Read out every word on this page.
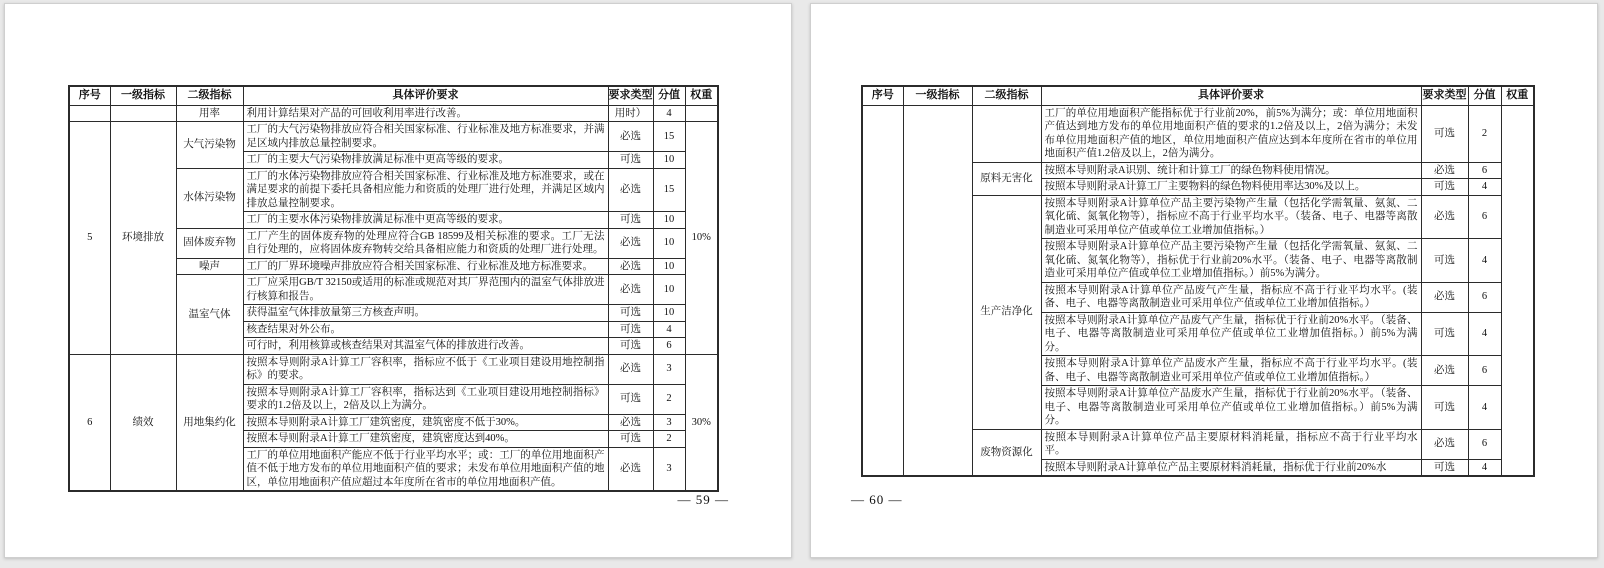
序号	一级指标	二级指标	具体评价要求	要求类型	分值	权重
		用率	利用计算结果对产品的可回收利用率进行改善。	用时）	4	
5	环境排放	大气污染物	工厂的大气污染物排放应符合相关国家标准、行业标准及地方标准要求，并满足区域内排放总量控制要求。	必选	15	10%
			工厂的主要大气污染物排放满足标准中更高等级的要求。	可选	10	
		水体污染物	工厂的水体污染物排放应符合相关国家标准、行业标准及地方标准要求，或在满足要求的前提下委托具备相应能力和资质的处理厂进行处理，并满足区域内排放总量控制要求。	必选	15	
			工厂的主要水体污染物排放满足标准中更高等级的要求。	可选	10	
		固体废弃物	工厂产生的固体废弃物的处理应符合GB 18599及相关标准的要求。工厂无法自行处理的，应将固体废弃物转交给具备相应能力和资质的处理厂进行处理。	必选	10	
		噪声	工厂的厂界环境噪声排放应符合相关国家标准、行业标准及地方标准要求。	必选	10	
		温室气体	工厂应采用GB/T 32150或适用的标准或规范对其厂界范围内的温室气体排放进行核算和报告。	必选	10	
			获得温室气体排放量第三方核查声明。	可选	10	
			核查结果对外公布。	可选	4	
			可行时，利用核算或核查结果对其温室气体的排放进行改善。	可选	6	
6	绩效	用地集约化	按照本导则附录A计算工厂容积率，指标应不低于《工业项目建设用地控制指标》的要求。	必选	3	30%
			按照本导则附录A计算工厂容积率，指标达到《工业项目建设用地控制指标》要求的1.2倍及以上，2倍及以上为满分。	可选	2	
			按照本导则附录A计算工厂建筑密度，建筑密度不低于30%。	必选	3	
			按照本导则附录A计算工厂建筑密度，建筑密度达到40%。	可选	2	
			工厂的单位用地面积产能应不低于行业平均水平；或：工厂的单位用地面积产值不低于地方发布的单位用地面积产值的要求；未发布单位用地面积产值的地区，单位用地面积产值应超过本年度所在省市的单位用地面积产值。	必选	3	
— 59 —
序号	一级指标	二级指标	具体评价要求	要求类型	分值	权重
			工厂的单位用地面积产能指标优于行业前20%，前5%为满分；或：单位用地面积产值达到地方发布的单位用地面积产值的要求的1.2倍及以上，2倍为满分；未发布单位用地面积产值的地区，单位用地面积产值应达到本年度所在省市的单位用地面积产值1.2倍及以上，2倍为满分。	可选	2	
		原料无害化	按照本导则附录A识别、统计和计算工厂的绿色物料使用情况。	必选	6	
			按照本导则附录A计算工厂主要物料的绿色物料使用率达30%及以上。	可选	4	
		生产洁净化	按照本导则附录A计算单位产品主要污染物产生量（包括化学需氧量、氨氮、二氧化硫、氮氧化物等），指标应不高于行业平均水平。（装备、电子、电器等离散制造业可采用单位产值或单位工业增加值指标。）	必选	6	
			按照本导则附录A计算单位产品主要污染物产生量（包括化学需氧量、氨氮、二氧化硫、氮氧化物等），指标优于行业前20%水平。（装备、电子、电器等离散制造业可采用单位产值或单位工业增加值指标。）前5%为满分。	可选	4	
			按照本导则附录A计算单位产品废气产生量，指标应不高于行业平均水平。(装备、电子、电器等离散制造业可采用单位产值或单位工业增加值指标。）	必选	6	
			按照本导则附录A计算单位产品废气产生量，指标优于行业前20%水平。（装备、电子、电器等离散制造业可采用单位产值或单位工业增加值指标。）前5%为满分。	可选	4	
			按照本导则附录A计算单位产品废水产生量，指标应不高于行业平均水平。(装备、电子、电器等离散制造业可采用单位产值或单位工业增加值指标。）	必选	6	
			按照本导则附录A计算单位产品废水产生量，指标优于行业前20%水平。（装备、电子、电器等离散制造业可采用单位产值或单位工业增加值指标。）前5%为满分。	可选	4	
		废物资源化	按照本导则附录A计算单位产品主要原材料消耗量，指标应不高于行业平均水平。	必选	6	
			按照本导则附录A计算单位产品主要原材料消耗量，指标优于行业前20%水	可选	4	
— 60 —
